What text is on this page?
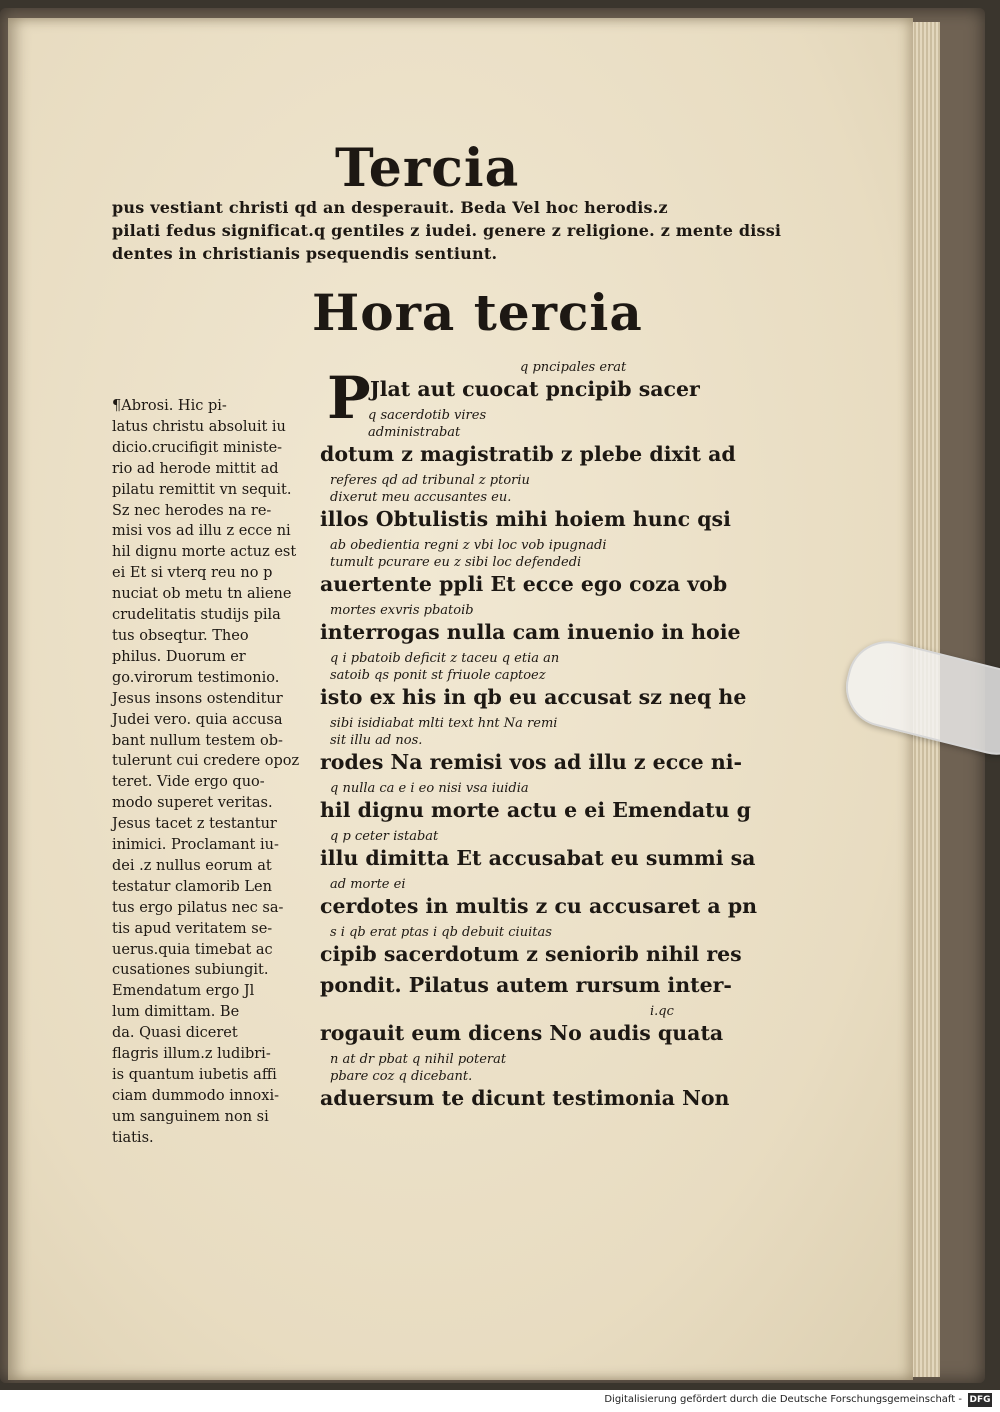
Tercia
pus vestiant christi qd an desperauit. Beda Vel hoc herodis.z
pilati fedus significat.q gentiles z iudei. genere z religione. z mente dissi
dentes in christianis psequendis sentiunt.
Hora tercia
¶Abrosi. Hic pi-
latus christu absoluit iu
dicio.crucifigit ministe-
rio ad herode mittit ad
pilatu remittit vn sequit.
Sz nec herodes na re-
misi vos ad illu z ecce ni
hil dignu morte actuz est
ei Et si vterq reu no p
nuciat ob metu tn aliene
crudelitatis studijs pila
tus obseqtur. Theo
philus. Duorum er
go.virorum testimonio.
Jesus insons ostenditur
Judei vero. quia accusa
bant nullum testem ob-
tulerunt cui credere opoz
teret. Vide ergo quo-
modo superet veritas.
Jesus tacet z testantur
inimici. Proclamant iu-
dei .z nullus eorum at
testatur clamorib Len
tus ergo pilatus nec sa-
tis apud veritatem se-
uerus.quia timebat ac
cusationes subiungit.
Emendatum ergo Jl
lum dimittam. Be
da. Quasi diceret
flagris illum.z ludibri-
is quantum iubetis affi
ciam dummodo innoxi-
um sanguinem non si
tiatis.
P	q pncipales erat
Jlat aut cuocat pncipib sacer
q sacerdotib vires
administrabat
dotum z magistratib z plebe dixit ad
referes qd ad tribunal z ptoriu
dixerut meu accusantes eu.
illos Obtulistis mihi hoiem hunc qsi
ab obedientia regni z vbi loc vob ipugnadi
tumult pcurare eu z sibi loc defendedi
auertente ppli Et ecce ego coza vob
mortes exvris pbatoib
interrogas nulla cam inuenio in hoie
q i pbatoib deficit z taceu q etia an
satoib qs ponit st friuole captoez
isto ex his in qb eu accusat sz neq he
sibi isidiabat mlti text hnt Na remi
sit illu ad nos.
rodes Na remisi vos ad illu z ecce ni-
q nulla ca e i eo nisi vsa iuidia
hil dignu morte actu e ei Emendatu g
q p ceter istabat
illu dimitta Et accusabat eu summi sa
ad morte ei
cerdotes in multis z cu accusaret a pn
s i qb erat ptas i qb debuit ciuitas
cipib sacerdotum z seniorib nihil res
pondit. Pilatus autem rursum inter-
i.qc
rogauit eum dicens No audis quata
n at dr pbat q nihil poterat
pbare coz q dicebant.
aduersum te dicunt testimonia Non
Digitalisierung gefördert durch die Deutsche Forschungsgemeinschaft - DFG
